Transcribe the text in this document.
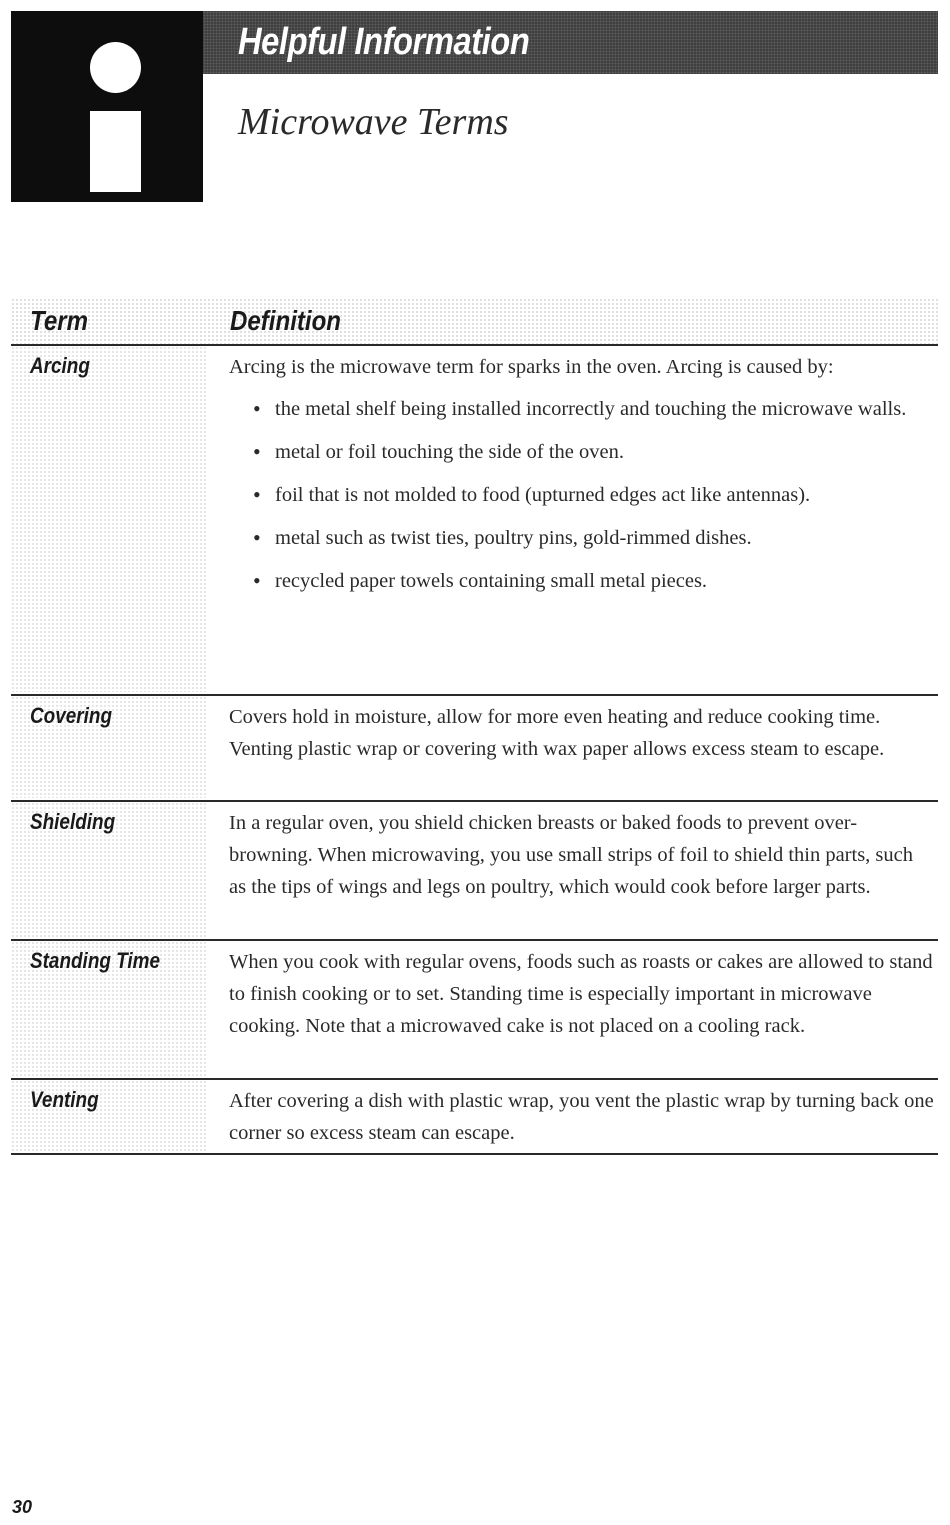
Helpful Information
Microwave Terms
Term	Definition
Arcing	Arcing is the microwave term for sparks in the oven. Arcing is caused by:

• the metal shelf being installed incorrectly and touching the microwave walls.
• metal or foil touching the side of the oven.
• foil that is not molded to food (upturned edges act like antennas).
• metal such as twist ties, poultry pins, gold-rimmed dishes.
• recycled paper towels containing small metal pieces.
Covering	Covers hold in moisture, allow for more even heating and reduce cooking time. Venting plastic wrap or covering with wax paper allows excess steam to escape.

Shielding	In a regular oven, you shield chicken breasts or baked foods to prevent over-browning. When microwaving, you use small strips of foil to shield thin parts, such as the tips of wings and legs on poultry, which would cook before larger parts.

Standing Time	When you cook with regular ovens, foods such as roasts or cakes are allowed to stand to finish cooking or to set. Standing time is especially important in microwave cooking. Note that a microwaved cake is not placed on a cooling rack.

Venting	After covering a dish with plastic wrap, you vent the plastic wrap by turning back one corner so excess steam can escape.

30
